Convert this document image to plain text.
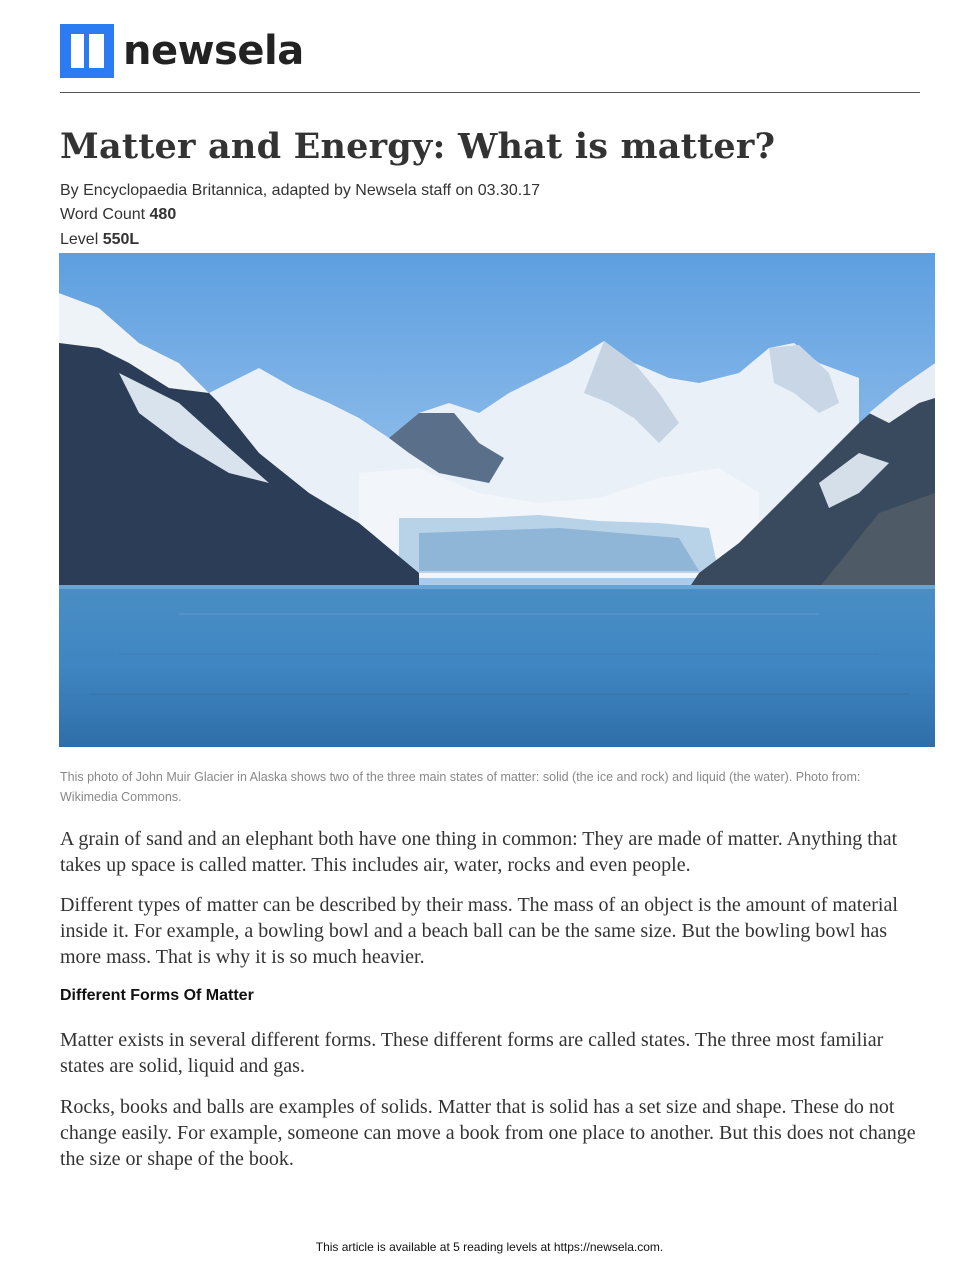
newsela
Matter and Energy: What is matter?
By Encyclopaedia Britannica, adapted by Newsela staff on 03.30.17
Word Count 480
Level 550L
This photo of John Muir Glacier in Alaska shows two of the three main states of matter: solid (the ice and rock) and liquid (the water). Photo from: Wikimedia Commons.

A grain of sand and an elephant both have one thing in common: They are made of matter. Anything that takes up space is called matter. This includes air, water, rocks and even people.

Different types of matter can be described by their mass. The mass of an object is the amount of material inside it. For example, a bowling bowl and a beach ball can be the same size. But the bowling bowl has more mass. That is why it is so much heavier.

Different Forms Of Matter

Matter exists in several different forms. These different forms are called states. The three most familiar states are solid, liquid and gas.

Rocks, books and balls are examples of solids. Matter that is solid has a set size and shape. These do not change easily. For example, someone can move a book from one place to another. But this does not change the size or shape of the book.

This article is available at 5 reading levels at https://newsela.com.
